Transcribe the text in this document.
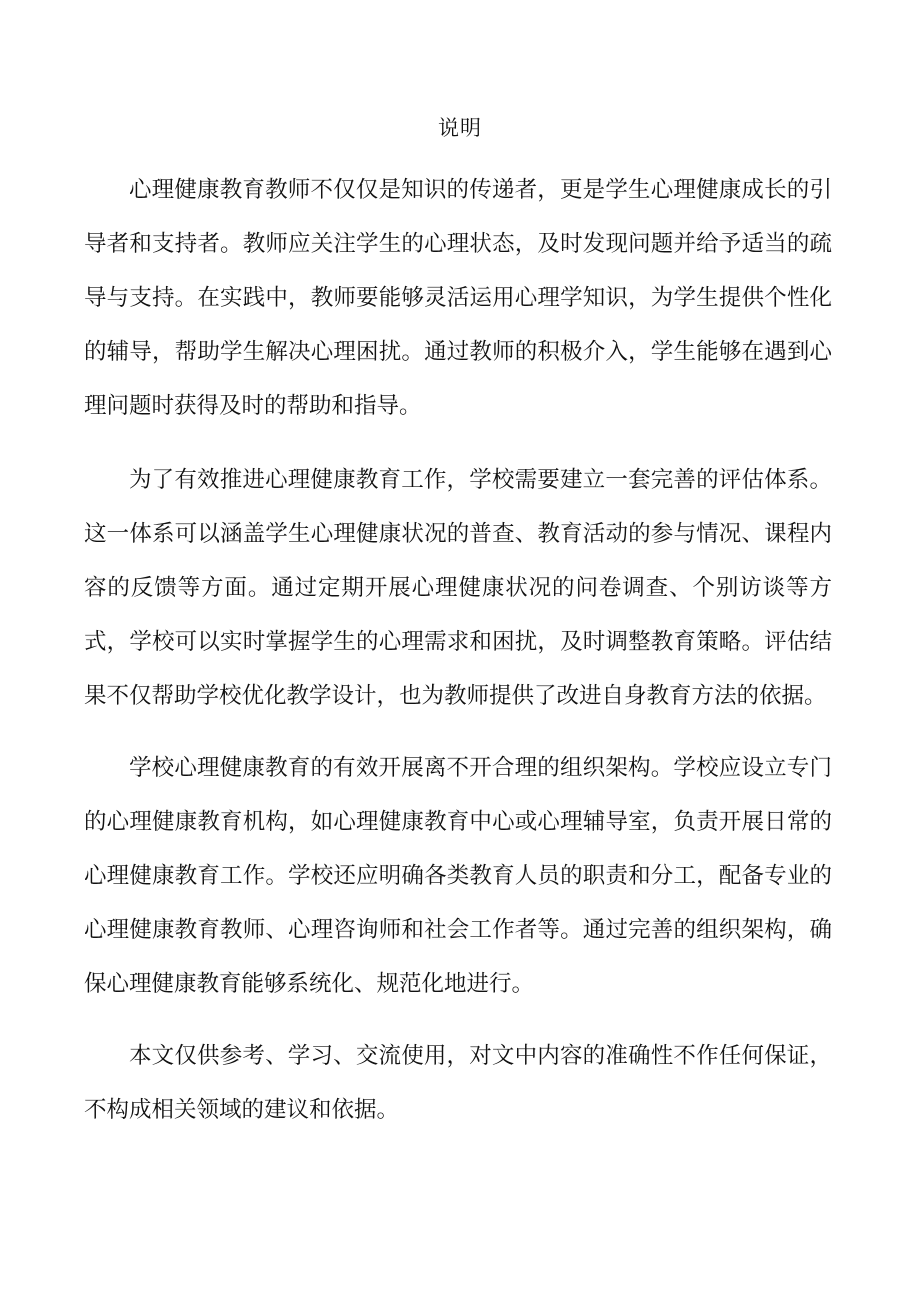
说明

心理健康教育教师不仅仅是知识的传递者，更是学生心理健康成长的引导者和支持者。教师应关注学生的心理状态，及时发现问题并给予适当的疏导与支持。在实践中，教师要能够灵活运用心理学知识，为学生提供个性化的辅导，帮助学生解决心理困扰。通过教师的积极介入，学生能够在遇到心理问题时获得及时的帮助和指导。

为了有效推进心理健康教育工作，学校需要建立一套完善的评估体系。这一体系可以涵盖学生心理健康状况的普查、教育活动的参与情况、课程内容的反馈等方面。通过定期开展心理健康状况的问卷调查、个别访谈等方式，学校可以实时掌握学生的心理需求和困扰，及时调整教育策略。评估结果不仅帮助学校优化教学设计，也为教师提供了改进自身教育方法的依据。

学校心理健康教育的有效开展离不开合理的组织架构。学校应设立专门的心理健康教育机构，如心理健康教育中心或心理辅导室，负责开展日常的心理健康教育工作。学校还应明确各类教育人员的职责和分工，配备专业的心理健康教育教师、心理咨询师和社会工作者等。通过完善的组织架构，确保心理健康教育能够系统化、规范化地进行。

本文仅供参考、学习、交流使用，对文中内容的准确性不作任何保证，不构成相关领域的建议和依据。
